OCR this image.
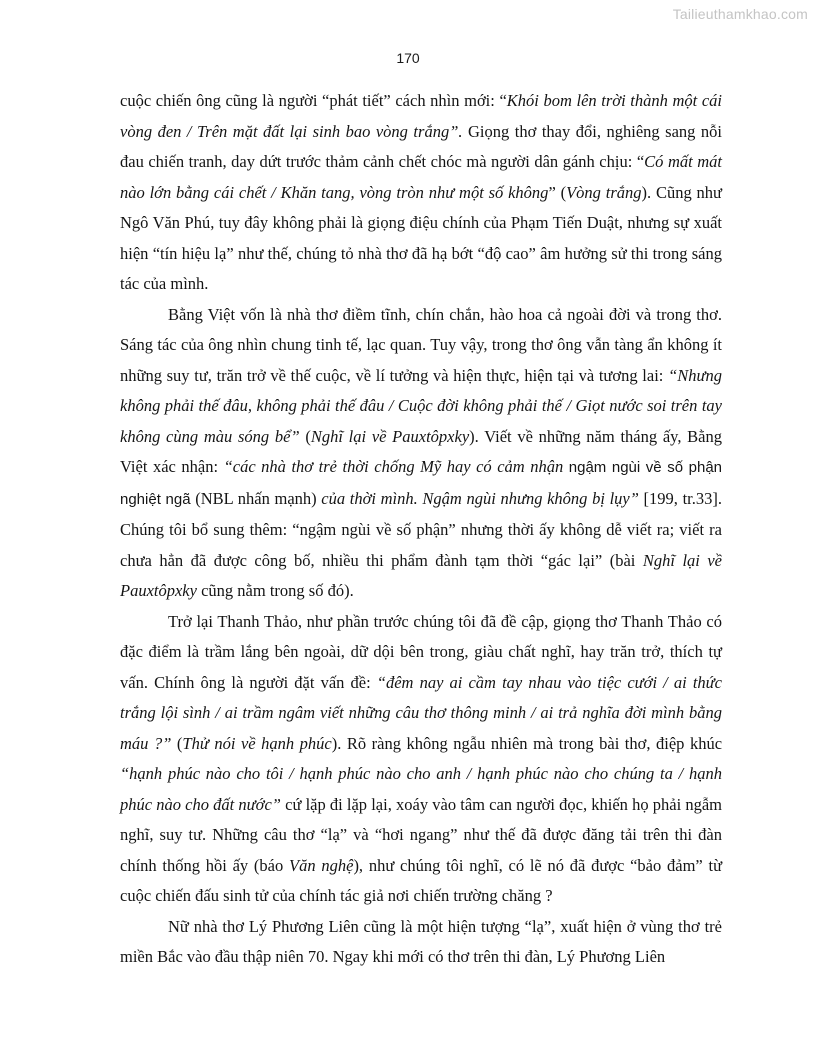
Tailieuthamkhao.com
170

cuộc chiến ông cũng là người “phát tiết” cách nhìn mới: “Khói bom lên trời thành một cái vòng đen / Trên mặt đất lại sinh bao vòng trắng”. Giọng thơ thay đổi, nghiêng sang nỗi đau chiến tranh, day dứt trước thảm cảnh chết chóc mà người dân gánh chịu: “Có mất mát nào lớn bằng cái chết / Khăn tang, vòng tròn như một số không” (Vòng trắng). Cũng như Ngô Văn Phú, tuy đây không phải là giọng điệu chính của Phạm Tiến Duật, nhưng sự xuất hiện “tín hiệu lạ” như thế, chúng tỏ nhà thơ đã hạ bớt “độ cao” âm hưởng sử thi trong sáng tác của mình.

Bằng Việt vốn là nhà thơ điềm tĩnh, chín chắn, hào hoa cả ngoài đời và trong thơ. Sáng tác của ông nhìn chung tinh tế, lạc quan. Tuy vậy, trong thơ ông vẫn tàng ẩn không ít những suy tư, trăn trở về thế cuộc, về lí tưởng và hiện thực, hiện tại và tương lai: “Nhưng không phải thế đâu, không phải thế đâu / Cuộc đời không phải thế / Giọt nước soi trên tay không cùng màu sóng bể” (Nghĩ lại về Pauxtôpxky). Viết về những năm tháng ấy, Bằng Việt xác nhận: “các nhà thơ trẻ thời chống Mỹ hay có cảm nhận ngậm ngùi về số phận nghiệt ngã (NBL nhấn mạnh) của thời mình. Ngậm ngùi nhưng không bị lụy” [199, tr.33]. Chúng tôi bổ sung thêm: “ngậm ngùi về số phận” nhưng thời ấy không dễ viết ra; viết ra chưa hẳn đã được công bố, nhiều thi phẩm đành tạm thời “gác lại” (bài Nghĩ lại về Pauxtôpxky cũng nằm trong số đó).

Trở lại Thanh Thảo, như phần trước chúng tôi đã đề cập, giọng thơ Thanh Thảo có đặc điểm là trầm lắng bên ngoài, dữ dội bên trong, giàu chất nghĩ, hay trăn trở, thích tự vấn. Chính ông là người đặt vấn đề: “đêm nay ai cầm tay nhau vào tiệc cưới / ai thức trắng lội sình / ai trầm ngâm viết những câu thơ thông minh / ai trả nghĩa đời mình bằng máu ?” (Thử nói về hạnh phúc). Rõ ràng không ngẫu nhiên mà trong bài thơ, điệp khúc “hạnh phúc nào cho tôi / hạnh phúc nào cho anh / hạnh phúc nào cho chúng ta / hạnh phúc nào cho đất nước” cứ lặp đi lặp lại, xoáy vào tâm can người đọc, khiến họ phải ngẫm nghĩ, suy tư. Những câu thơ “lạ” và “hơi ngang” như thế đã được đăng tải trên thi đàn chính thống hồi ấy (báo Văn nghệ), như chúng tôi nghĩ, có lẽ nó đã được “bảo đảm” từ cuộc chiến đấu sinh tử của chính tác giả nơi chiến trường chăng ?

Nữ nhà thơ Lý Phương Liên cũng là một hiện tượng “lạ”, xuất hiện ở vùng thơ trẻ miền Bắc vào đầu thập niên 70. Ngay khi mới có thơ trên thi đàn, Lý Phương Liên
